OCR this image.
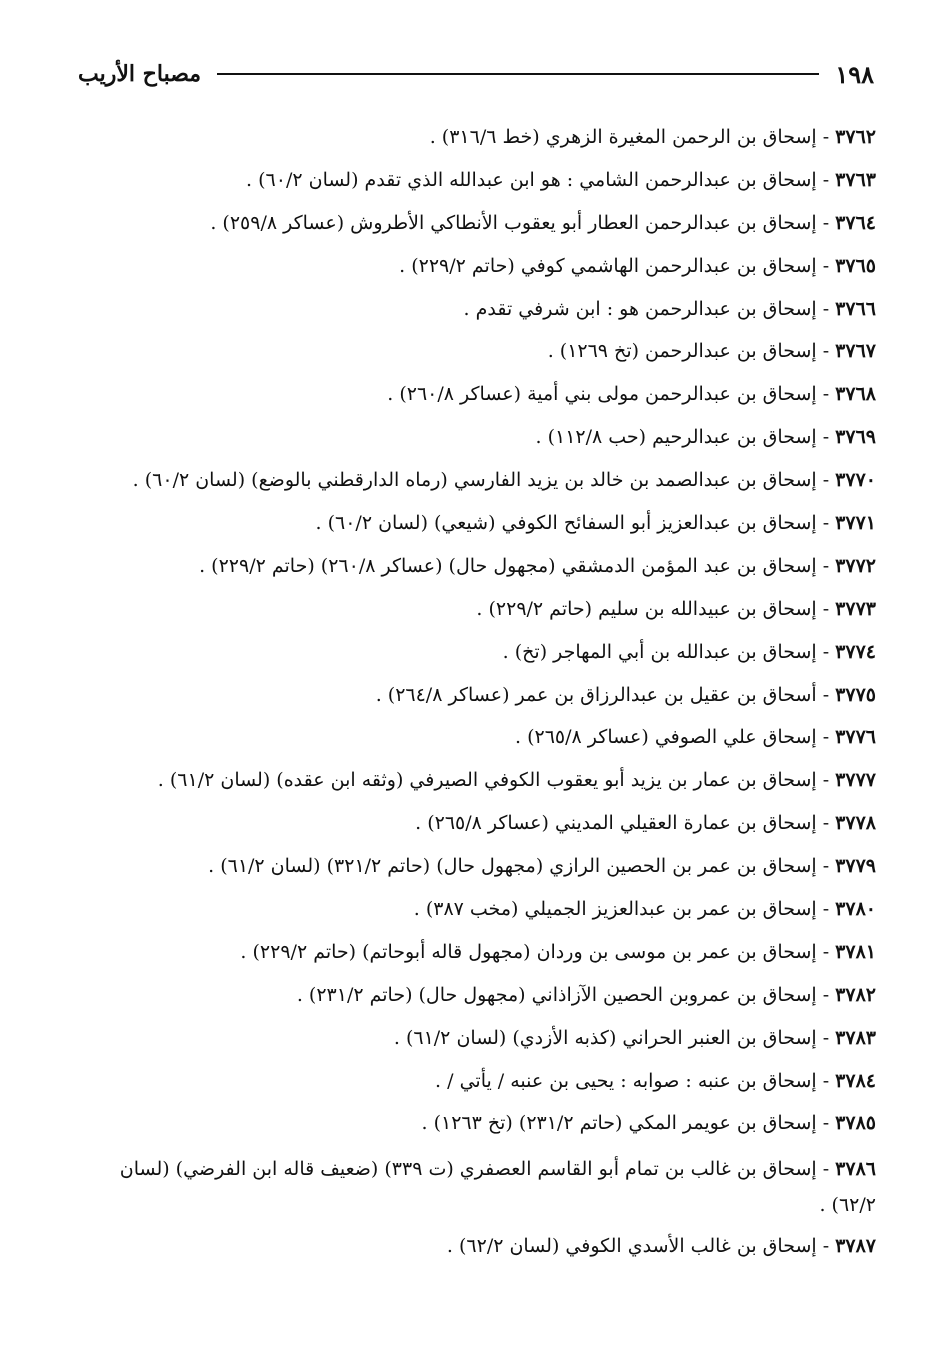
١٩٨
مصباح الأريب
٣٧٦٢ - إسحاق بن الرحمن المغيرة الزهري (خط ٣١٦/٦) .
٣٧٦٣ - إسحاق بن عبدالرحمن الشامي : هو ابن عبدالله الذي تقدم (لسان ٦٠/٢) .
٣٧٦٤ - إسحاق بن عبدالرحمن العطار أبو يعقوب الأنطاكي الأطروش (عساكر ٢٥٩/٨) .
٣٧٦٥ - إسحاق بن عبدالرحمن الهاشمي كوفي (حاتم ٢٢٩/٢) .
٣٧٦٦ - إسحاق بن عبدالرحمن هو : ابن شرفي تقدم .
٣٧٦٧ - إسحاق بن عبدالرحمن (تخ ١٢٦٩) .
٣٧٦٨ - إسحاق بن عبدالرحمن مولى بني أمية (عساكر ٢٦٠/٨) .
٣٧٦٩ - إسحاق بن عبدالرحيم (حب ١١٢/٨) .
٣٧٧٠ - إسحاق بن عبدالصمد بن خالد بن يزيد الفارسي (رماه الدارقطني بالوضع) (لسان ٦٠/٢) .
٣٧٧١ - إسحاق بن عبدالعزيز أبو السفائح الكوفي (شيعي) (لسان ٦٠/٢) .
٣٧٧٢ - إسحاق بن عبد المؤمن الدمشقي (مجهول حال) (عساكر ٢٦٠/٨) (حاتم ٢٢٩/٢) .
٣٧٧٣ - إسحاق بن عبيدالله بن سليم (حاتم ٢٢٩/٢) .
٣٧٧٤ - إسحاق بن عبدالله بن أبي المهاجر (تخ) .
٣٧٧٥ - أسحاق بن عقيل بن عبدالرزاق بن عمر (عساكر ٢٦٤/٨) .
٣٧٧٦ - إسحاق علي الصوفي (عساكر ٢٦٥/٨) .
٣٧٧٧ - إسحاق بن عمار بن يزيد أبو يعقوب الكوفي الصيرفي (وثقه ابن عقده) (لسان ٦١/٢) .
٣٧٧٨ - إسحاق بن عمارة العقيلي المديني (عساكر ٢٦٥/٨) .
٣٧٧٩ - إسحاق بن عمر بن الحصين الرازي (مجهول حال) (حاتم ٣٢١/٢) (لسان ٦١/٢) .
٣٧٨٠ - إسحاق بن عمر بن عبدالعزيز الجميلي (مخب ٣٨٧) .
٣٧٨١ - إسحاق بن عمر بن موسى بن وردان (مجهول قاله أبوحاتم) (حاتم ٢٢٩/٢) .
٣٧٨٢ - إسحاق بن عمروبن الحصين الآزاذاني (مجهول حال) (حاتم ٢٣١/٢) .
٣٧٨٣ - إسحاق بن العنبر الحراني (كذبه الأزدي) (لسان ٦١/٢) .
٣٧٨٤ - إسحاق بن عنبه : صوابه : يحيى بن عنبه / يأتي / .
٣٧٨٥ - إسحاق بن عويمر المكي (حاتم ٢٣١/٢) (تخ ١٢٦٣) .
٣٧٨٦ - إسحاق بن غالب بن تمام أبو القاسم العصفري (ت ٣٣٩) (ضعيف قاله ابن الفرضي) (لسان ٦٢/٢) .
٣٧٨٧ - إسحاق بن غالب الأسدي الكوفي (لسان ٦٢/٢) .
